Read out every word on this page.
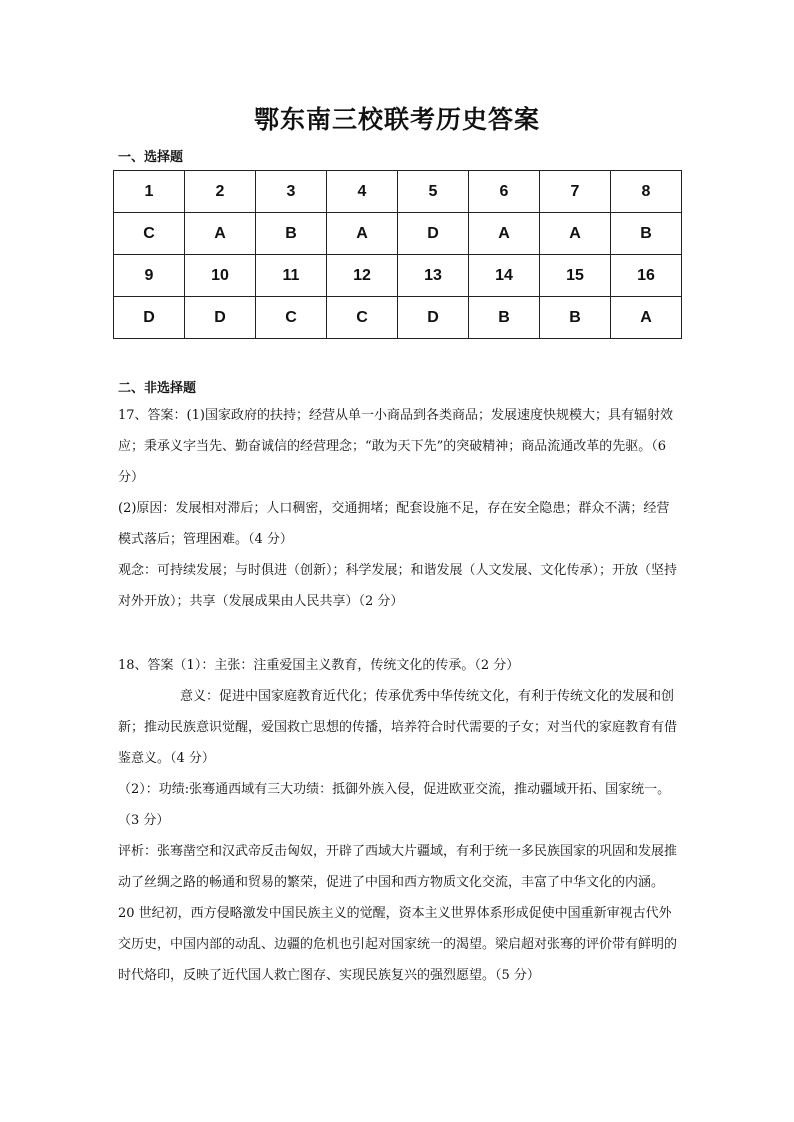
鄂东南三校联考历史答案
一、选择题
1	2	3	4	5	6	7	8
C	A	B	A	D	A	A	B
9	10	11	12	13	14	15	16
D	D	C	C	D	B	B	A
二、非选择题

17、答案：(1)国家政府的扶持；经营从单一小商品到各类商品；发展速度快规模大；具有辐射效应；秉承义字当先、勤奋诚信的经营理念；“敢为天下先”的突破精神；商品流通改革的先驱。（6 分）

(2)原因：发展相对滞后；人口稠密，交通拥堵；配套设施不足，存在安全隐患；群众不满；经营模式落后；管理困难。（4 分）

观念：可持续发展；与时俱进（创新）；科学发展；和谐发展（人文发展、文化传承）；开放（坚持对外开放）；共享（发展成果由人民共享）（2 分）

18、答案（1）：主张：注重爱国主义教育，传统文化的传承。（2 分）

意义：促进中国家庭教育近代化；传承优秀中华传统文化，有利于传统文化的发展和创新；推动民族意识觉醒，爱国救亡思想的传播，培养符合时代需要的子女；对当代的家庭教育有借鉴意义。（4 分）

（2）：功绩:张骞通西域有三大功绩：抵御外族入侵，促进欧亚交流，推动疆域开拓、国家统一。（3 分）

评析：张骞凿空和汉武帝反击匈奴，开辟了西域大片疆域，有利于统一多民族国家的巩固和发展推动了丝绸之路的畅通和贸易的繁荣，促进了中国和西方物质文化交流，丰富了中华文化的内涵。20 世纪初，西方侵略激发中国民族主义的觉醒，资本主义世界体系形成促使中国重新审视古代外交历史，中国内部的动乱、边疆的危机也引起对国家统一的渴望。梁启超对张骞的评价带有鲜明的时代烙印，反映了近代国人救亡图存、实现民族复兴的强烈愿望。（5 分）
